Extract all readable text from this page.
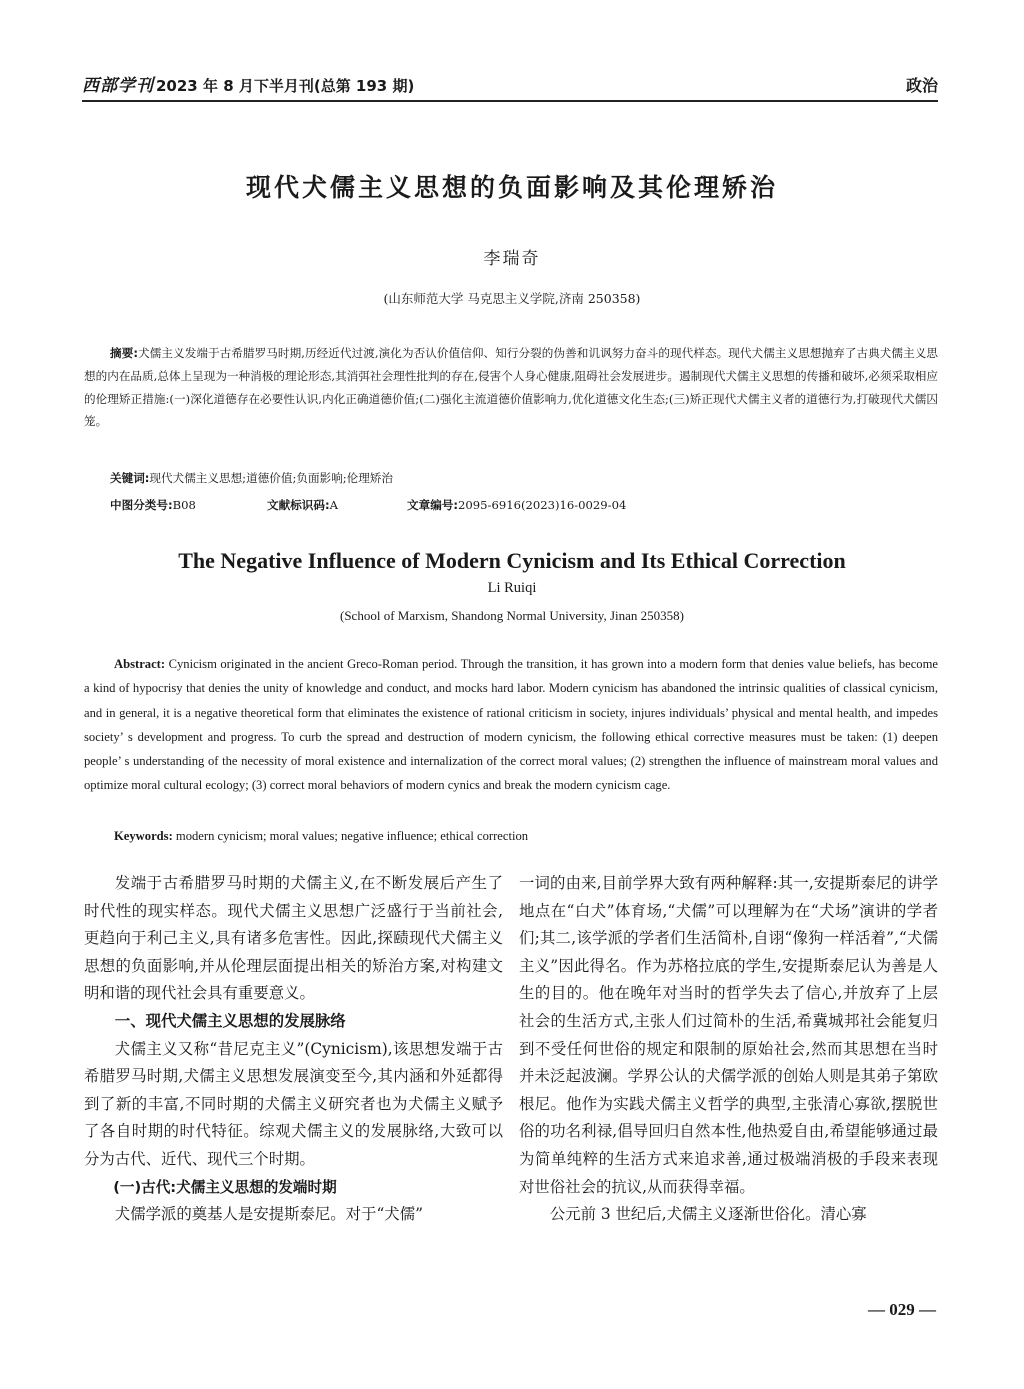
西部学刊 2023 年 8 月下半月刊(总第 193 期)	政治
现代犬儒主义思想的负面影响及其伦理矫治
李瑞奇
(山东师范大学 马克思主义学院,济南 250358)
摘要:犬儒主义发端于古希腊罗马时期,历经近代过渡,演化为否认价值信仰、知行分裂的伪善和讥讽努力奋斗的现代样态。现代犬儒主义思想抛弃了古典犬儒主义思想的内在品质,总体上呈现为一种消极的理论形态,其消弭社会理性批判的存在,侵害个人身心健康,阻碍社会发展进步。遏制现代犬儒主义思想的传播和破坏,必须采取相应的伦理矫正措施:(一)深化道德存在必要性认识,内化正确道德价值;(二)强化主流道德价值影响力,优化道德文化生态;(三)矫正现代犬儒主义者的道德行为,打破现代犬儒囚笼。
关键词:现代犬儒主义思想;道德价值;负面影响;伦理矫治
中图分类号:B08	文献标识码:A	文章编号:2095-6916(2023)16-0029-04
The Negative Influence of Modern Cynicism and Its Ethical Correction
Li Ruiqi
(School of Marxism, Shandong Normal University, Jinan 250358)
Abstract: Cynicism originated in the ancient Greco-Roman period. Through the transition, it has grown into a modern form that denies value beliefs, has become a kind of hypocrisy that denies the unity of knowledge and conduct, and mocks hard labor. Modern cynicism has abandoned the intrinsic qualities of classical cynicism, and in general, it is a negative theoretical form that eliminates the existence of rational criticism in society, injures individuals’ physical and mental health, and impedes society’ s development and progress. To curb the spread and destruction of modern cynicism, the following ethical corrective measures must be taken: (1) deepen people’ s understanding of the necessity of moral existence and internalization of the correct moral values; (2) strengthen the influence of mainstream moral values and optimize moral cultural ecology; (3) correct moral behaviors of modern cynics and break the modern cynicism cage.
Keywords: modern cynicism; moral values; negative influence; ethical correction

发端于古希腊罗马时期的犬儒主义,在不断发展后产生了时代性的现实样态。现代犬儒主义思想广泛盛行于当前社会,更趋向于利己主义,具有诸多危害性。因此,探赜现代犬儒主义思想的负面影响,并从伦理层面提出相关的矫治方案,对构建文明和谐的现代社会具有重要意义。

一、现代犬儒主义思想的发展脉络

犬儒主义又称“昔尼克主义”(Cynicism),该思想发端于古希腊罗马时期,犬儒主义思想发展演变至今,其内涵和外延都得到了新的丰富,不同时期的犬儒主义研究者也为犬儒主义赋予了各自时期的时代特征。综观犬儒主义的发展脉络,大致可以分为古代、近代、现代三个时期。

(一)古代:犬儒主义思想的发端时期

犬儒学派的奠基人是安提斯泰尼。对于“犬儒”

一词的由来,目前学界大致有两种解释:其一,安提斯泰尼的讲学地点在“白犬”体育场,“犬儒”可以理解为在“犬场”演讲的学者们;其二,该学派的学者们生活简朴,自诩“像狗一样活着”,“犬儒主义”因此得名。作为苏格拉底的学生,安提斯泰尼认为善是人生的目的。他在晚年对当时的哲学失去了信心,并放弃了上层社会的生活方式,主张人们过简朴的生活,希冀城邦社会能复归到不受任何世俗的规定和限制的原始社会,然而其思想在当时并未泛起波澜。学界公认的犬儒学派的创始人则是其弟子第欧根尼。他作为实践犬儒主义哲学的典型,主张清心寡欲,摆脱世俗的功名利禄,倡导回归自然本性,他热爱自由,希望能够通过最为简单纯粹的生活方式来追求善,通过极端消极的手段来表现对世俗社会的抗议,从而获得幸福。

公元前 3 世纪后,犬儒主义逐渐世俗化。清心寡

— 029 —
